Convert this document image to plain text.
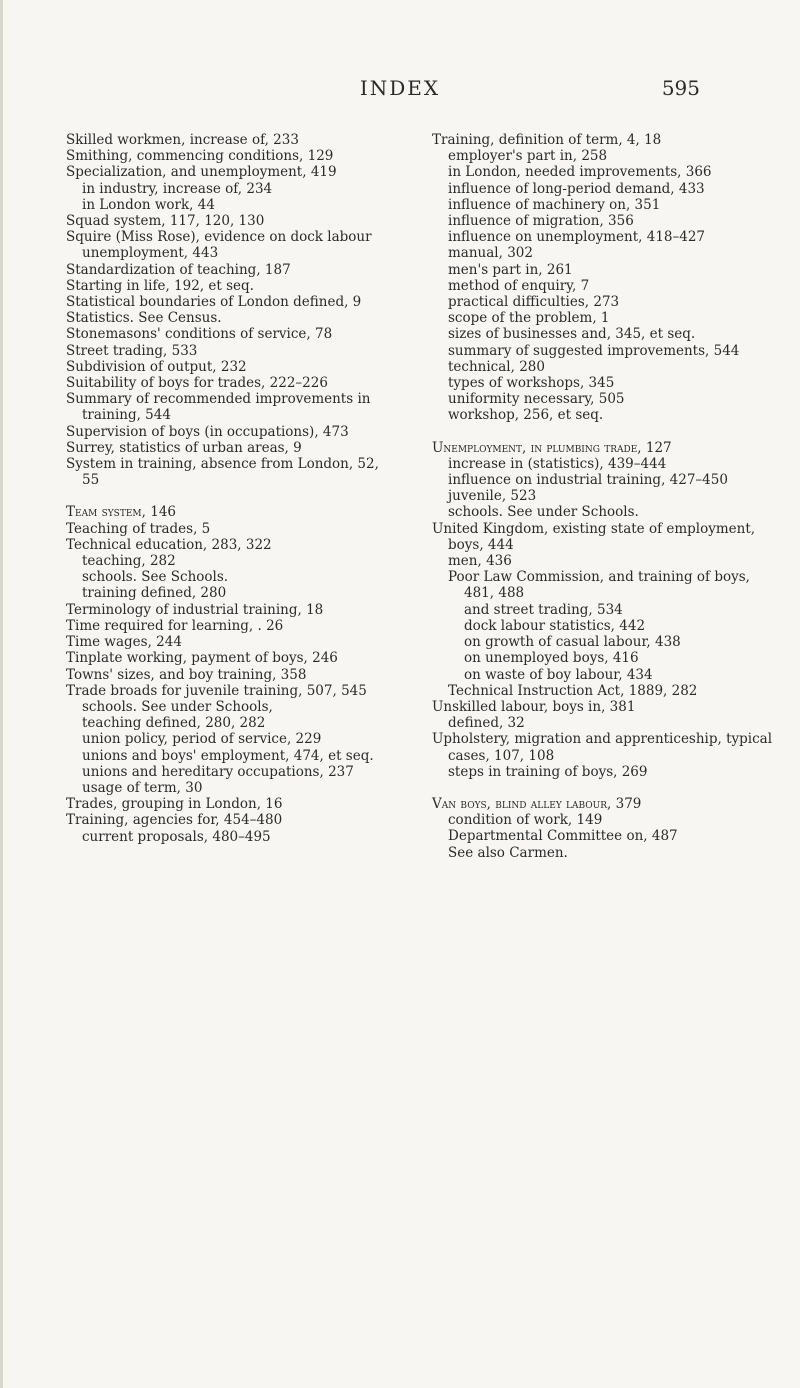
INDEX	595
Skilled workmen, increase of, 233
Smithing, commencing conditions, 129
Specialization, and unemployment, 419
in industry, increase of, 234
in London work, 44
Squad system, 117, 120, 130
Squire (Miss Rose), evidence on dock labour unemployment, 443
Standardization of teaching, 187
Starting in life, 192, et seq.
Statistical boundaries of London defined, 9
Statistics. See Census.
Stonemasons' conditions of service, 78
Street trading, 533
Subdivision of output, 232
Suitability of boys for trades, 222–226
Summary of recommended improvements in training, 544
Supervision of boys (in occupations), 473
Surrey, statistics of urban areas, 9
System in training, absence from London, 52, 55
Team system, 146
Teaching of trades, 5
Technical education, 283, 322
teaching, 282
schools. See Schools.
training defined, 280
Terminology of industrial training, 18
Time required for learning, . 26
Time wages, 244
Tinplate working, payment of boys, 246
Towns' sizes, and boy training, 358
Trade broads for juvenile training, 507, 545
schools. See under Schools,
teaching defined, 280, 282
union policy, period of service, 229
unions and boys' employment, 474, et seq.
unions and hereditary occupations, 237
usage of term, 30
Trades, grouping in London, 16
Training, agencies for, 454–480
current proposals, 480–495
Training, definition of term, 4, 18
employer's part in, 258
in London, needed improvements, 366
influence of long-period demand, 433
influence of machinery on, 351
influence of migration, 356
influence on unemployment, 418–427
manual, 302
men's part in, 261
method of enquiry, 7
practical difficulties, 273
scope of the problem, 1
sizes of businesses and, 345, et seq.
summary of suggested improvements, 544
technical, 280
types of workshops, 345
uniformity necessary, 505
workshop, 256, et seq.
Unemployment, in plumbing trade, 127
increase in (statistics), 439–444
influence on industrial training, 427–450
juvenile, 523
schools. See under Schools.
United Kingdom, existing state of employment, boys, 444
men, 436
Poor Law Commission, and training of boys, 481, 488
and street trading, 534
dock labour statistics, 442
on growth of casual labour, 438
on unemployed boys, 416
on waste of boy labour, 434
Technical Instruction Act, 1889, 282
Unskilled labour, boys in, 381
defined, 32
Upholstery, migration and apprenticeship, typical cases, 107, 108
steps in training of boys, 269
Van boys, blind alley labour, 379
condition of work, 149
Departmental Committee on, 487
See also Carmen.
